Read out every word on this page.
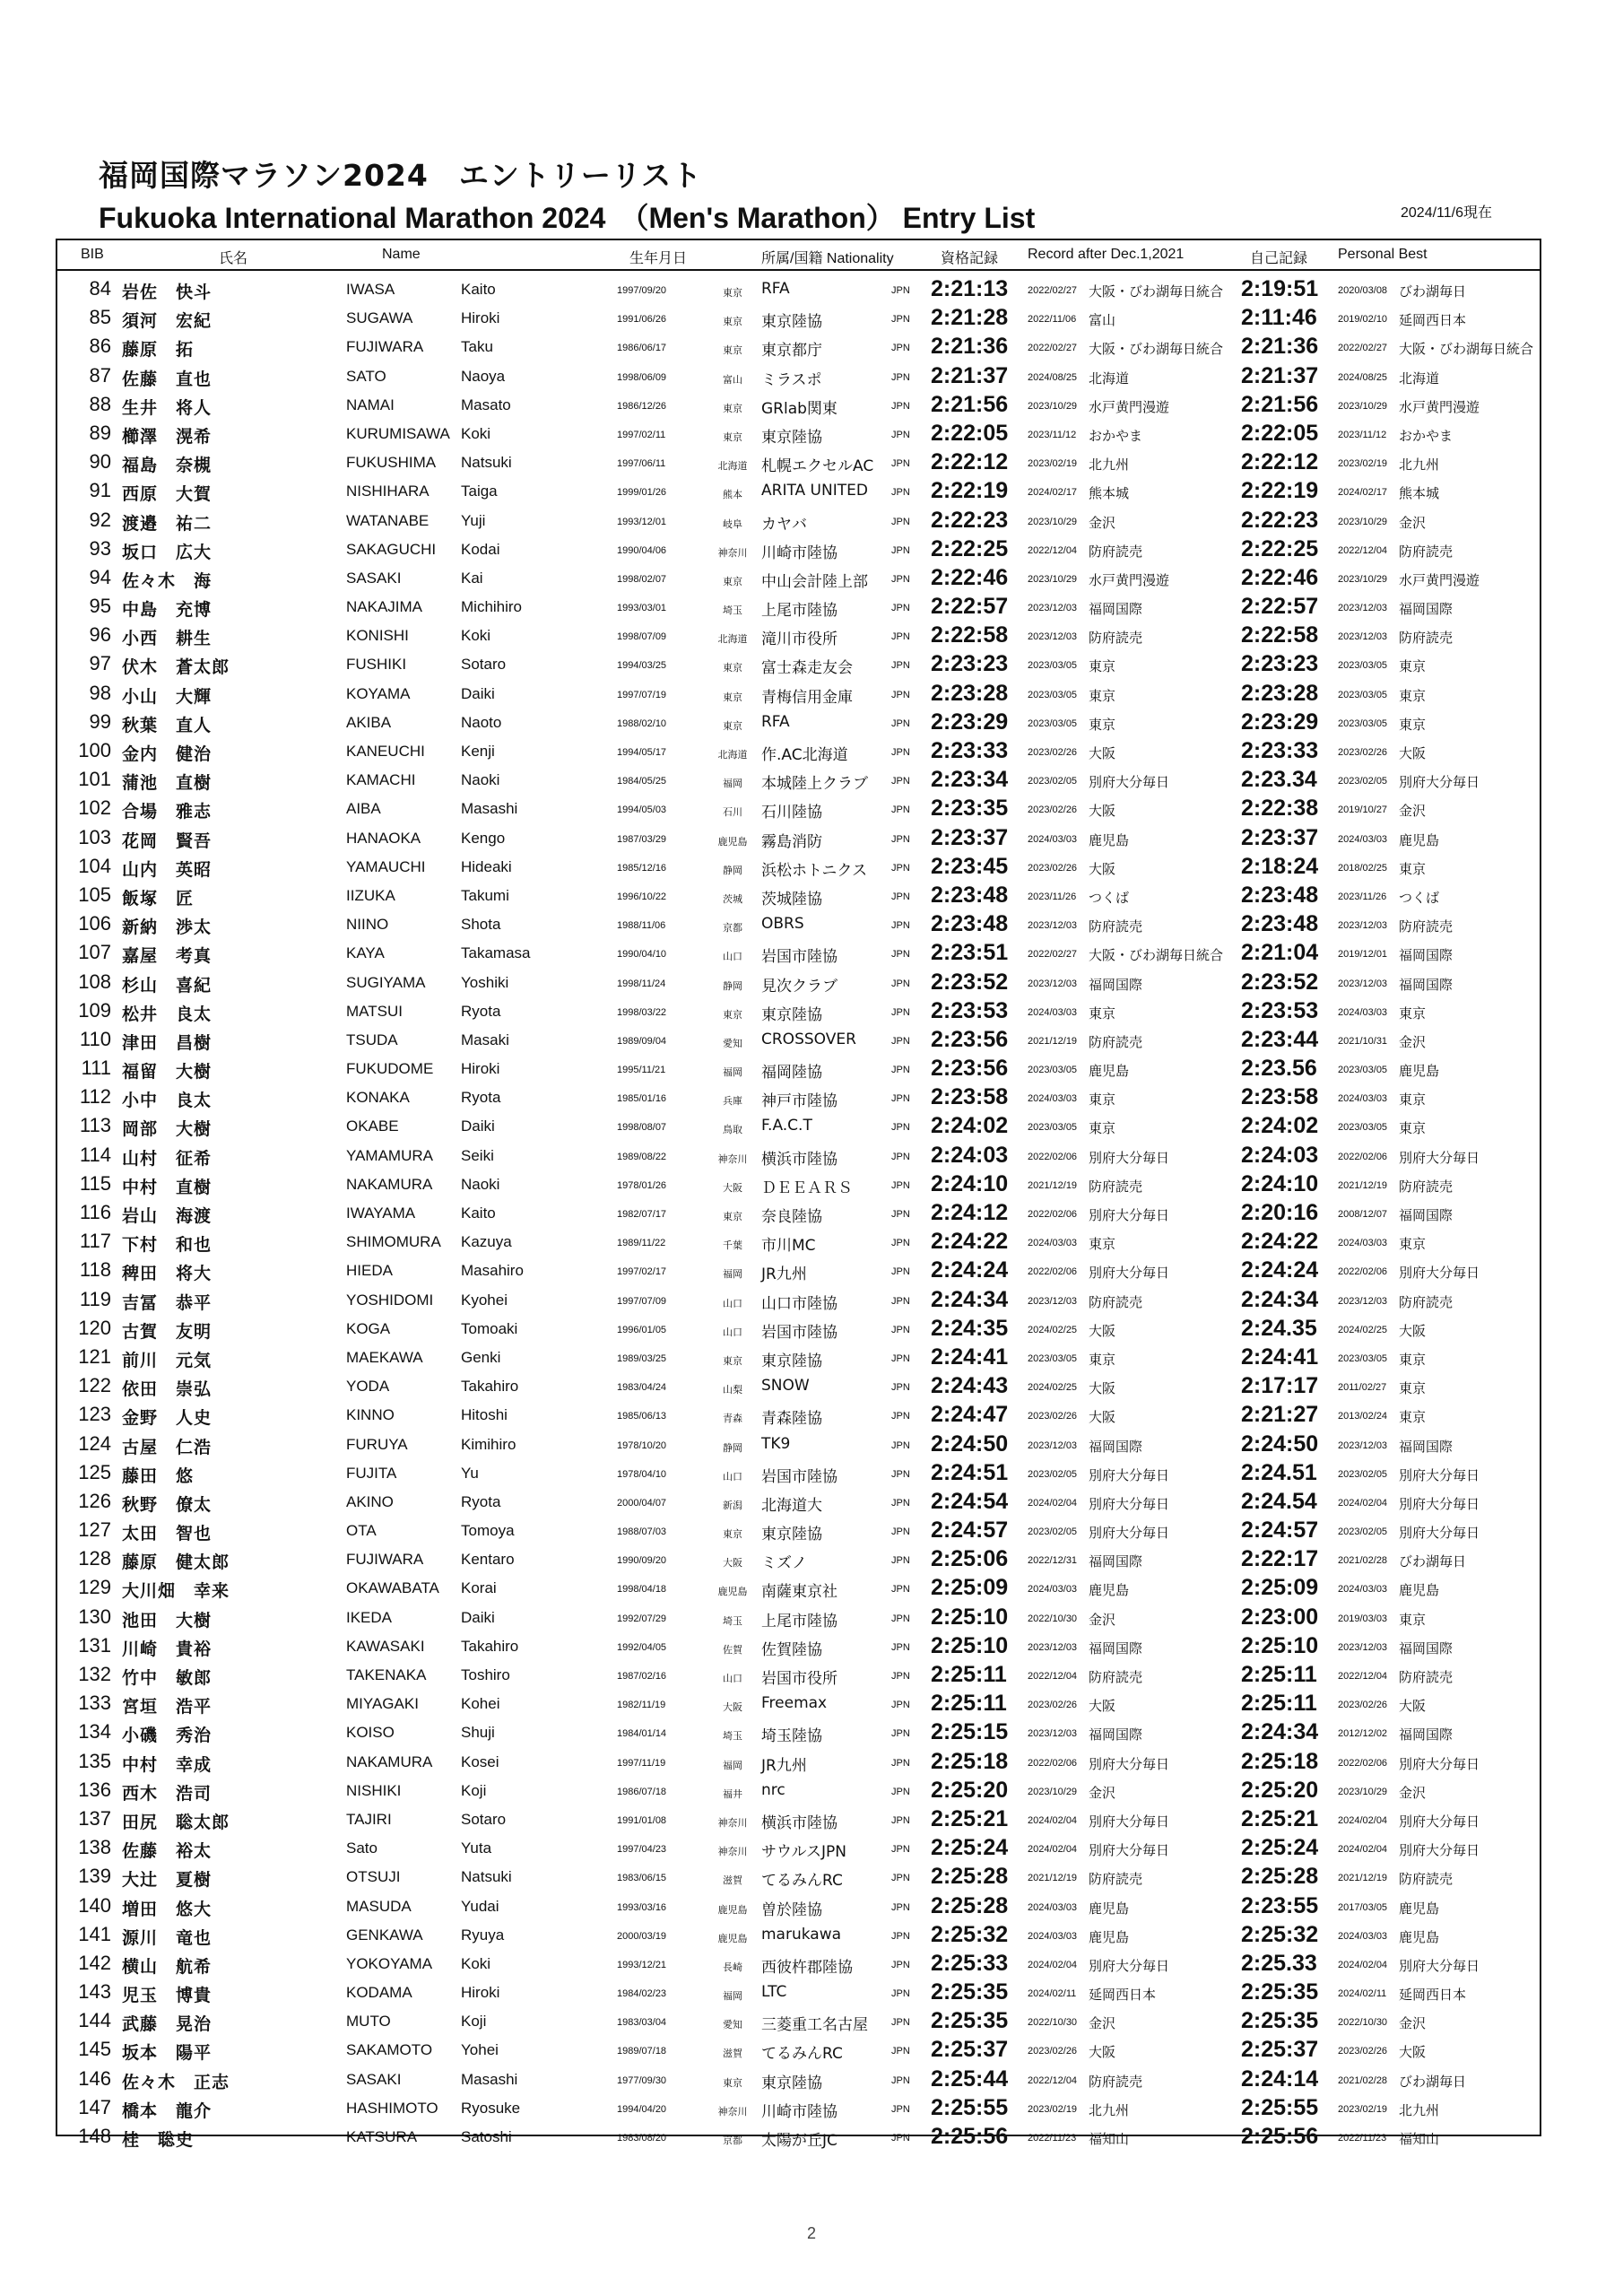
福岡国際マラソン2024　エントリーリスト
Fukuoka International Marathon 2024　（Men's Marathon） Entry List	2024/11/6現在
BIB	氏名	Name	生年月日	所属/国籍 Nationality	資格記録 Record after Dec.1,2021	自己記録 Personal Best
84 岩佐　快斗	IWASA	Kaito	1997/09/20	東京	RFA	JPN 2:21:13 2022/02/27 大阪・びわ湖毎日統合 2:19:51 2020/03/08 びわ湖毎日
85 須河　宏紀	SUGAWA	Hiroki	1991/06/26	東京	東京陸協	JPN 2:21:28 2022/11/06 富山	2:11:46 2019/02/10 延岡西日本
86 藤原　拓	FUJIWARA Taku	1986/06/17	東京	東京都庁	JPN 2:21:36 2022/02/27 大阪・びわ湖毎日統合 2:21:36 2022/02/27 大阪・びわ湖毎日統合
87 佐藤　直也	SATO	Naoya	1998/06/09	富山	ミラスポ	JPN 2:21:37 2024/08/25 北海道	2:21:37 2024/08/25 北海道
88 生井　将人	NAMAI	Masato	1986/12/26	東京	GRlab関東	JPN 2:21:56 2023/10/29 水戸黄門漫遊	2:21:56 2023/10/29 水戸黄門漫遊
89 櫛澤　滉希	KURUMISAWA Koki	1997/02/11	東京	東京陸協	JPN 2:22:05 2023/11/12 おかやま	2:22:05 2023/11/12 おかやま
90 福島　奈槻	FUKUSHIMA Natsuki	1997/06/11	北海道 札幌エクセルAC JPN 2:22:12 2023/02/19 北九州	2:22:12 2023/02/19 北九州
91 西原　大賀	NISHIHARA Taiga	1999/01/26	熊本	ARITA UNITED JPN 2:22:19 2024/02/17 熊本城	2:22:19 2024/02/17 熊本城
92 渡邉　祐二	WATANABE Yuji	1993/12/01	岐阜	カヤバ	JPN 2:22:23 2023/10/29 金沢	2:22:23 2023/10/29 金沢
93 坂口　広大	SAKAGUCHI Kodai	1990/04/06	神奈川 川崎市陸協	JPN 2:22:25 2022/12/04 防府読売	2:22:25 2022/12/04 防府読売
94 佐々木　海	SASAKI	Kai	1998/02/07	東京	中山会計陸上部 JPN 2:22:46 2023/10/29 水戸黄門漫遊	2:22:46 2023/10/29 水戸黄門漫遊
95 中島　充博	NAKAJIMA	Michihiro	1993/03/01	埼玉	上尾市陸協	JPN 2:22:57 2023/12/03 福岡国際	2:22:57 2023/12/03 福岡国際
96 小西　耕生	KONISHI	Koki	1998/07/09	北海道 滝川市役所	JPN 2:22:58 2023/12/03 防府読売	2:22:58 2023/12/03 防府読売
97 伏木　蒼太郎	FUSHIKI	Sotaro	1994/03/25	東京	富士森走友会	JPN 2:23:23 2023/03/05 東京	2:23:23 2023/03/05 東京
98 小山　大輝	KOYAMA	Daiki	1997/07/19	東京	青梅信用金庫	JPN 2:23:28 2023/03/05 東京	2:23:28 2023/03/05 東京
99 秋葉　直人	AKIBA	Naoto	1988/02/10	東京	RFA	JPN 2:23:29 2023/03/05 東京	2:23:29 2023/03/05 東京
100 金内　健治	KANEUCHI Kenji	1994/05/17	北海道 作.AC北海道	JPN 2:23:33 2023/02/26 大阪	2:23:33 2023/02/26 大阪
101 蒲池　直樹	KAMACHI	Naoki	1984/05/25	福岡	本城陸上クラブ JPN 2:23:34 2023/02/05 別府大分毎日	2:23.34 2023/02/05 別府大分毎日
102 合場　雅志	AIBA	Masashi	1994/05/03	石川	石川陸協	JPN 2:23:35 2023/02/26 大阪	2:22:38 2019/10/27 金沢
103 花岡　賢吾	HANAOKA	Kengo	1987/03/29	鹿児島 霧島消防	JPN 2:23:37 2024/03/03 鹿児島	2:23:37 2024/03/03 鹿児島
104 山内　英昭	YAMAUCHI Hideaki	1985/12/16	静岡	浜松ホトニクス JPN 2:23:45 2023/02/26 大阪	2:18:24 2018/02/25 東京
105 飯塚　匠	IIZUKA	Takumi	1996/10/22	茨城	茨城陸協	JPN 2:23:48 2023/11/26 つくば	2:23:48 2023/11/26 つくば
106 新納　渉太	NIINO	Shota	1988/11/06	京都	OBRS	JPN 2:23:48 2023/12/03 防府読売	2:23:48 2023/12/03 防府読売
107 嘉屋　考真	KAYA	Takamasa	1990/04/10	山口	岩国市陸協	JPN 2:23:51 2022/02/27 大阪・びわ湖毎日統合 2:21:04 2019/12/01 福岡国際
108 杉山　喜紀	SUGIYAMA Yoshiki	1998/11/24	静岡	見次クラブ	JPN 2:23:52 2023/12/03 福岡国際	2:23:52 2023/12/03 福岡国際
109 松井　良太	MATSUI	Ryota	1998/03/22	東京	東京陸協	JPN 2:23:53 2024/03/03 東京	2:23:53 2024/03/03 東京
110 津田　昌樹	TSUDA	Masaki	1989/09/04	愛知	CROSSOVER	JPN 2:23:56 2021/12/19 防府読売	2:23:44 2021/10/31 金沢
111 福留　大樹	FUKUDOME Hiroki	1995/11/21	福岡	福岡陸協	JPN 2:23:56 2023/03/05 鹿児島	2:23.56 2023/03/05 鹿児島
112 小中　良太	KONAKA	Ryota	1985/01/16	兵庫	神戸市陸協	JPN 2:23:58 2024/03/03 東京	2:23:58 2024/03/03 東京
113 岡部　大樹	OKABE	Daiki	1998/08/07	鳥取	F.A.C.T	JPN 2:24:02 2023/03/05 東京	2:24:02 2023/03/05 東京
114 山村　征希	YAMAMURA Seiki	1989/08/22	神奈川 横浜市陸協	JPN 2:24:03 2022/02/06 別府大分毎日	2:24:03 2022/02/06 別府大分毎日
115 中村　直樹	NAKAMURA Naoki	1978/01/26	大阪	ＤＥＥＡＲＳ	JPN 2:24:10 2021/12/19 防府読売	2:24:10 2021/12/19 防府読売
116 岩山　海渡	IWAYAMA	Kaito	1982/07/17	東京	奈良陸協	JPN 2:24:12 2022/02/06 別府大分毎日	2:20:16 2008/12/07 福岡国際
117 下村　和也	SHIMOMURA Kazuya	1989/11/22	千葉	市川MC	JPN 2:24:22 2024/03/03 東京	2:24:22 2024/03/03 東京
118 稗田　将大	HIEDA	Masahiro	1997/02/17	福岡	JR九州	JPN 2:24:24 2022/02/06 別府大分毎日	2:24:24 2022/02/06 別府大分毎日
119 吉冨　恭平	YOSHIDOMI Kyohei	1997/07/09	山口	山口市陸協	JPN 2:24:34 2023/12/03 防府読売	2:24:34 2023/12/03 防府読売
120 古賀　友明	KOGA	Tomoaki	1996/01/05	山口	岩国市陸協	JPN 2:24:35 2024/02/25 大阪	2:24.35 2024/02/25 大阪
121 前川　元気	MAEKAWA Genki	1989/03/25	東京	東京陸協	JPN 2:24:41 2023/03/05 東京	2:24:41 2023/03/05 東京
122 依田　崇弘	YODA	Takahiro	1983/04/24	山梨	SNOW	JPN 2:24:43 2024/02/25 大阪	2:17:17 2011/02/27 東京
123 金野　人史	KINNO	Hitoshi	1985/06/13	青森	青森陸協	JPN 2:24:47 2023/02/26 大阪	2:21:27 2013/02/24 東京
124 古屋　仁浩	FURUYA	Kimihiro	1978/10/20	静岡	TK9	JPN 2:24:50 2023/12/03 福岡国際	2:24:50 2023/12/03 福岡国際
125 藤田　悠	FUJITA	Yu	1978/04/10	山口	岩国市陸協	JPN 2:24:51 2023/02/05 別府大分毎日	2:24.51 2023/02/05 別府大分毎日
126 秋野　僚太	AKINO	Ryota	2000/04/07	新潟	北海道大	JPN 2:24:54 2024/02/04 別府大分毎日	2:24.54 2024/02/04 別府大分毎日
127 太田　智也	OTA	Tomoya	1988/07/03	東京	東京陸協	JPN 2:24:57 2023/02/05 別府大分毎日	2:24:57 2023/02/05 別府大分毎日
128 藤原　健太郎	FUJIWARA Kentaro	1990/09/20	大阪	ミズノ	JPN 2:25:06 2022/12/31 福岡国際	2:22:17 2021/02/28 びわ湖毎日
129 大川畑　幸来	OKAWABATA Korai	1998/04/18	鹿児島 南薩東京社	JPN 2:25:09 2024/03/03 鹿児島	2:25:09 2024/03/03 鹿児島
130 池田　大樹	IKEDA	Daiki	1992/07/29	埼玉	上尾市陸協	JPN 2:25:10 2022/10/30 金沢	2:23:00 2019/03/03 東京
131 川崎　貴裕	KAWASAKI Takahiro	1992/04/05	佐賀	佐賀陸協	JPN 2:25:10 2023/12/03 福岡国際	2:25:10 2023/12/03 福岡国際
132 竹中　敏郎	TAKENAKA Toshiro	1987/02/16	山口	岩国市役所	JPN 2:25:11 2022/12/04 防府読売	2:25:11 2022/12/04 防府読売
133 宮垣　浩平	MIYAGAKI	Kohei	1982/11/19	大阪	Freemax	JPN 2:25:11 2023/02/26 大阪	2:25:11 2023/02/26 大阪
134 小磯　秀治	KOISO	Shuji	1984/01/14	埼玉	埼玉陸協	JPN 2:25:15 2023/12/03 福岡国際	2:24:34 2012/12/02 福岡国際
135 中村　幸成	NAKAMURA Kosei	1997/11/19	福岡	JR九州	JPN 2:25:18 2022/02/06 別府大分毎日	2:25:18 2022/02/06 別府大分毎日
136 西木　浩司	NISHIKI	Koji	1986/07/18	福井	nrc	JPN 2:25:20 2023/10/29 金沢	2:25:20 2023/10/29 金沢
137 田尻　聡太郎	TAJIRI	Sotaro	1991/01/08	神奈川 横浜市陸協	JPN 2:25:21 2024/02/04 別府大分毎日	2:25:21 2024/02/04 別府大分毎日
138 佐藤　裕太	Sato	Yuta	1997/04/23	神奈川 サウルスJPN	JPN 2:25:24 2024/02/04 別府大分毎日	2:25:24 2024/02/04 別府大分毎日
139 大辻　夏樹	OTSUJI	Natsuki	1983/06/15	滋賀	てるみんRC	JPN 2:25:28 2021/12/19 防府読売	2:25:28 2021/12/19 防府読売
140 増田　悠大	MASUDA	Yudai	1993/03/16	鹿児島 曽於陸協	JPN 2:25:28 2024/03/03 鹿児島	2:23:55 2017/03/05 鹿児島
141 源川　竜也	GENKAWA Ryuya	2000/03/19	鹿児島 marukawa	JPN 2:25:32 2024/03/03 鹿児島	2:25:32 2024/03/03 鹿児島
142 横山　航希	YOKOYAMA Koki	1993/12/21	長崎	西彼杵郡陸協	JPN 2:25:33 2024/02/04 別府大分毎日	2:25.33 2024/02/04 別府大分毎日
143 児玉　博貴	KODAMA	Hiroki	1984/02/23	福岡	LTC	JPN 2:25:35 2024/02/11 延岡西日本	2:25:35 2024/02/11 延岡西日本
144 武藤　晃治	MUTO	Koji	1983/03/04	愛知	三菱重工名古屋 JPN 2:25:35 2022/10/30 金沢	2:25:35 2022/10/30 金沢
145 坂本　陽平	SAKAMOTO Yohei	1989/07/18	滋賀	てるみんRC	JPN 2:25:37 2023/02/26 大阪	2:25:37 2023/02/26 大阪
146 佐々木　正志	SASAKI	Masashi	1977/09/30	東京	東京陸協	JPN 2:25:44 2022/12/04 防府読売	2:24:14 2021/02/28 びわ湖毎日
147 橋本　龍介	HASHIMOTO Ryosuke	1994/04/20	神奈川 川崎市陸協	JPN 2:25:55 2023/02/19 北九州	2:25:55 2023/02/19 北九州
148 桂　聡史	KATSURA	Satoshi	1983/08/20	京都	太陽が丘JC	JPN 2:25:56 2022/11/23 福知山	2:25:56 2022/11/23 福知山
2
